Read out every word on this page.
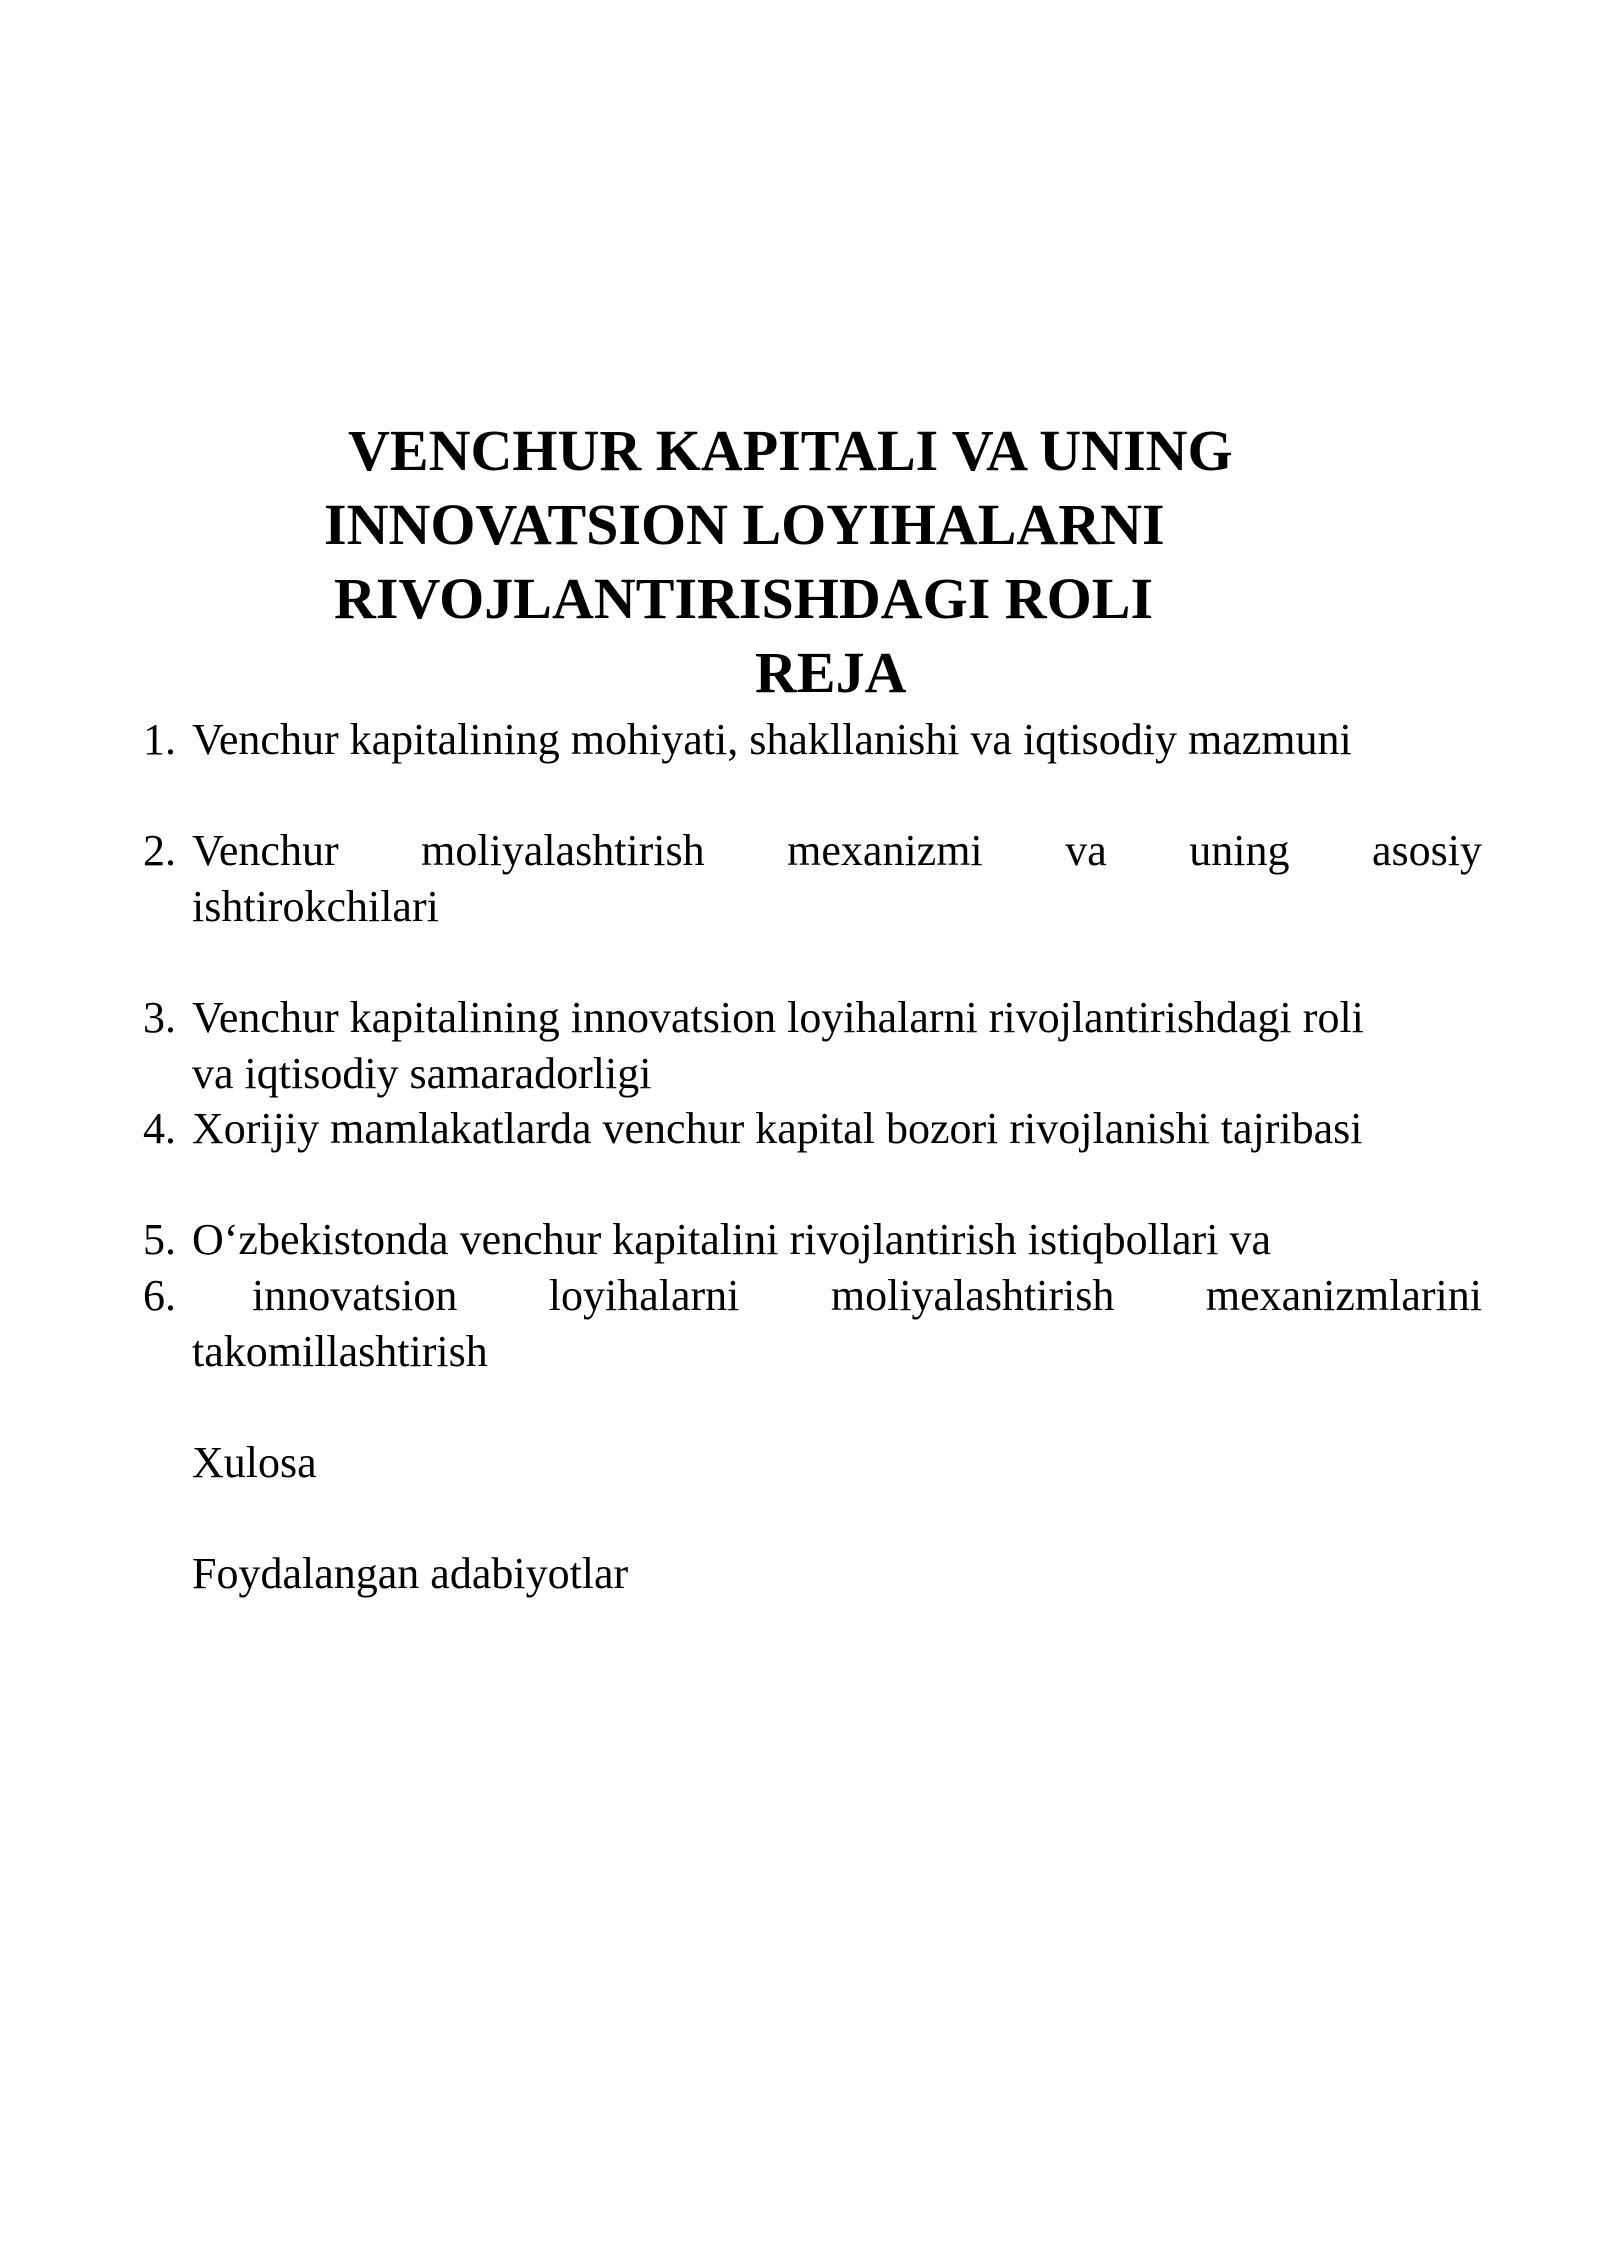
VENCHUR KAPITALI VA UNING
INNOVATSION LOYIHALARNI
RIVOJLANTIRISHDAGI ROLI
REJA
1. Venchur kapitalining mohiyati, shakllanishi va iqtisodiy mazmuni
2. Venchur moliyalashtirish mexanizmi va uning asosiy
ishtirokchilari
3. Venchur kapitalining innovatsion loyihalarni rivojlantirishdagi roli
va iqtisodiy samaradorligi
4. Xorijiy mamlakatlarda venchur kapital bozori rivojlanishi tajribasi
5. O‘zbekistonda venchur kapitalini rivojlantirish istiqbollari va
6. innovatsion loyihalarni moliyalashtirish mexanizmlarini
takomillashtirish
Xulosa
Foydalangan adabiyotlar
